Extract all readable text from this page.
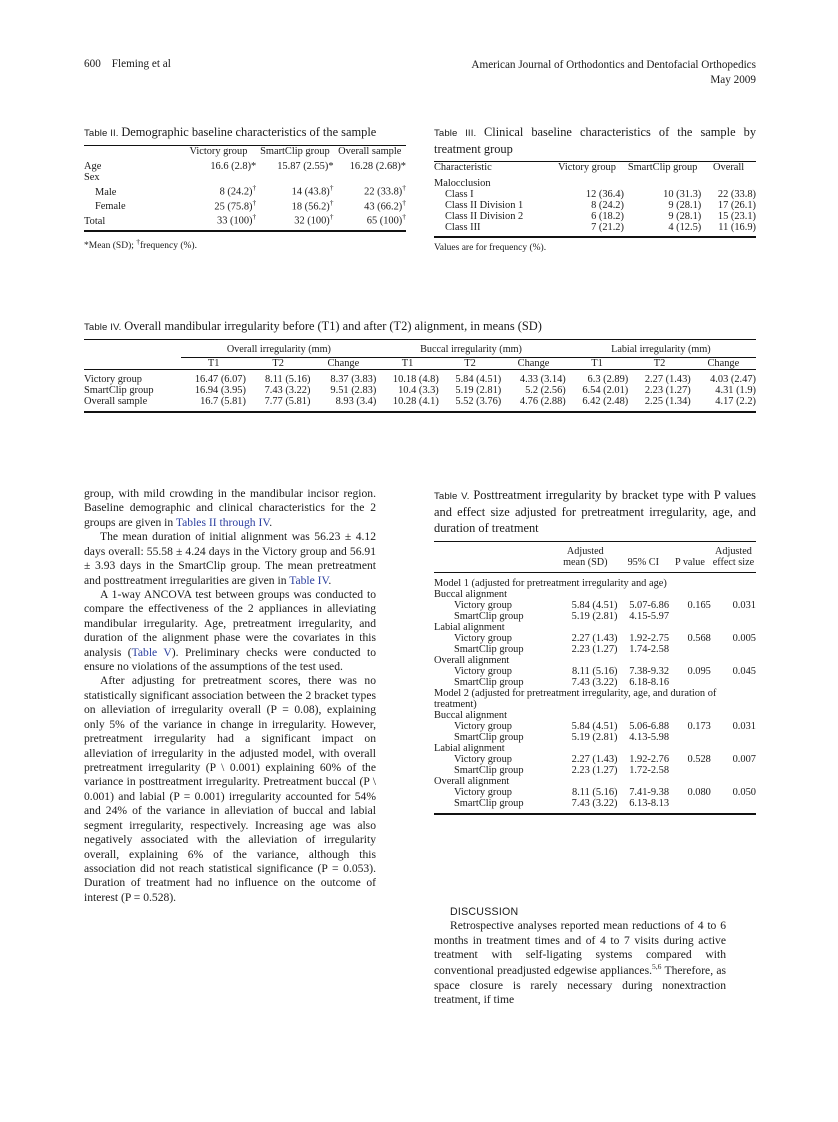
600 Fleming et al	American Journal of Orthodontics and Dentofacial Orthopedics
May 2009
Table II. Demographic baseline characteristics of the sample
	Victory group	SmartClip group	Overall sample
Age	16.6 (2.8)*	15.87 (2.55)*	16.28 (2.68)*
Sex			
Male	8 (24.2)†	14 (43.8)†	22 (33.8)†
Female	25 (75.8)†	18 (56.2)†	43 (66.2)†
Total	33 (100)†	32 (100)†	65 (100)†
*Mean (SD); †frequency (%).
Table III. Clinical baseline characteristics of the sample by treatment group
Characteristic	Victory group	SmartClip group	Overall
Malocclusion			
Class I	12 (36.4)	10 (31.3)	22 (33.8)
Class II Division 1	8 (24.2)	9 (28.1)	17 (26.1)
Class II Division 2	6 (18.2)	9 (28.1)	15 (23.1)
Class III	7 (21.2)	4 (12.5)	11 (16.9)
Values are for frequency (%).
Table IV. Overall mandibular irregularity before (T1) and after (T2) alignment, in means (SD)
	Overall irregularity (mm)			Buccal irregularity (mm)			Labial irregularity (mm)		
	T1	T2	Change	T1	T2	Change	T1	T2	Change
Victory group	16.47 (6.07)	8.11 (5.16)	8.37 (3.83)	10.18 (4.8)	5.84 (4.51)	4.33 (3.14)	6.3 (2.89)	2.27 (1.43)	4.03 (2.47)
SmartClip group	16.94 (3.95)	7.43 (3.22)	9.51 (2.83)	10.4 (3.3)	5.19 (2.81)	5.2 (2.56)	6.54 (2.01)	2.23 (1.27)	4.31 (1.9)
Overall sample	16.7 (5.81)	7.77 (5.81)	8.93 (3.4)	10.28 (4.1)	5.52 (3.76)	4.76 (2.88)	6.42 (2.48)	2.25 (1.34)	4.17 (2.2)

group, with mild crowding in the mandibular incisor region. Baseline demographic and clinical characteristics for the 2 groups are given in Tables II through IV.

The mean duration of initial alignment was 56.23 ± 4.12 days overall: 55.58 ± 4.24 days in the Victory group and 56.91 ± 3.93 days in the SmartClip group. The mean pretreatment and posttreatment irregularities are given in Table IV.

A 1-way ANCOVA test between groups was conducted to compare the effectiveness of the 2 appliances in alleviating mandibular irregularity. Age, pretreatment irregularity, and duration of the alignment phase were the covariates in this analysis (Table V). Preliminary checks were conducted to ensure no violations of the assumptions of the test used.

After adjusting for pretreatment scores, there was no statistically significant association between the 2 bracket types on alleviation of irregularity overall (P = 0.08), explaining only 5% of the variance in change in irregularity. However, pretreatment irregularity had a significant impact on alleviation of irregularity in the adjusted model, with overall pretreatment irregularity (P \ 0.001) explaining 60% of the variance in posttreatment irregularity. Pretreatment buccal (P \ 0.001) and labial (P = 0.001) irregularity accounted for 54% and 24% of the variance in alleviation of buccal and labial segment irregularity, respectively. Increasing age was also negatively associated with the alleviation of irregularity overall, explaining 6% of the variance, although this association did not reach statistical significance (P = 0.053). Duration of treatment had no influence on the outcome of interest (P = 0.528).

Table V. Posttreatment irregularity by bracket type with P values and effect size adjusted for pretreatment irregularity, age, and duration of treatment
	Adjusted			Adjusted
	mean (SD)	95% CI	P value	effect size
Model 1 (adjusted for pretreatment irregularity and age)				
Buccal alignment				
Victory group	5.84 (4.51)	5.07-6.86	0.165	0.031
SmartClip group	5.19 (2.81)	4.15-5.97		
Labial alignment				
Victory group	2.27 (1.43)	1.92-2.75	0.568	0.005
SmartClip group	2.23 (1.27)	1.74-2.58		
Overall alignment				
Victory group	8.11 (5.16)	7.38-9.32	0.095	0.045
SmartClip group	7.43 (3.22)	6.18-8.16		
Model 2 (adjusted for pretreatment irregularity, age, and duration of treatment)				
Buccal alignment				
Victory group	5.84 (4.51)	5.06-6.88	0.173	0.031
SmartClip group	5.19 (2.81)	4.13-5.98		
Labial alignment				
Victory group	2.27 (1.43)	1.92-2.76	0.528	0.007
SmartClip group	2.23 (1.27)	1.72-2.58		
Overall alignment				
Victory group	8.11 (5.16)	7.41-9.38	0.080	0.050
SmartClip group	7.43 (3.22)	6.13-8.13		

DISCUSSION

Retrospective analyses reported mean reductions of 4 to 6 months in treatment times and of 4 to 7 visits during active treatment with self-ligating systems compared with conventional preadjusted edgewise appliances.$^{5,6}$ Therefore, as space closure is rarely necessary during nonextraction treatment, if time
